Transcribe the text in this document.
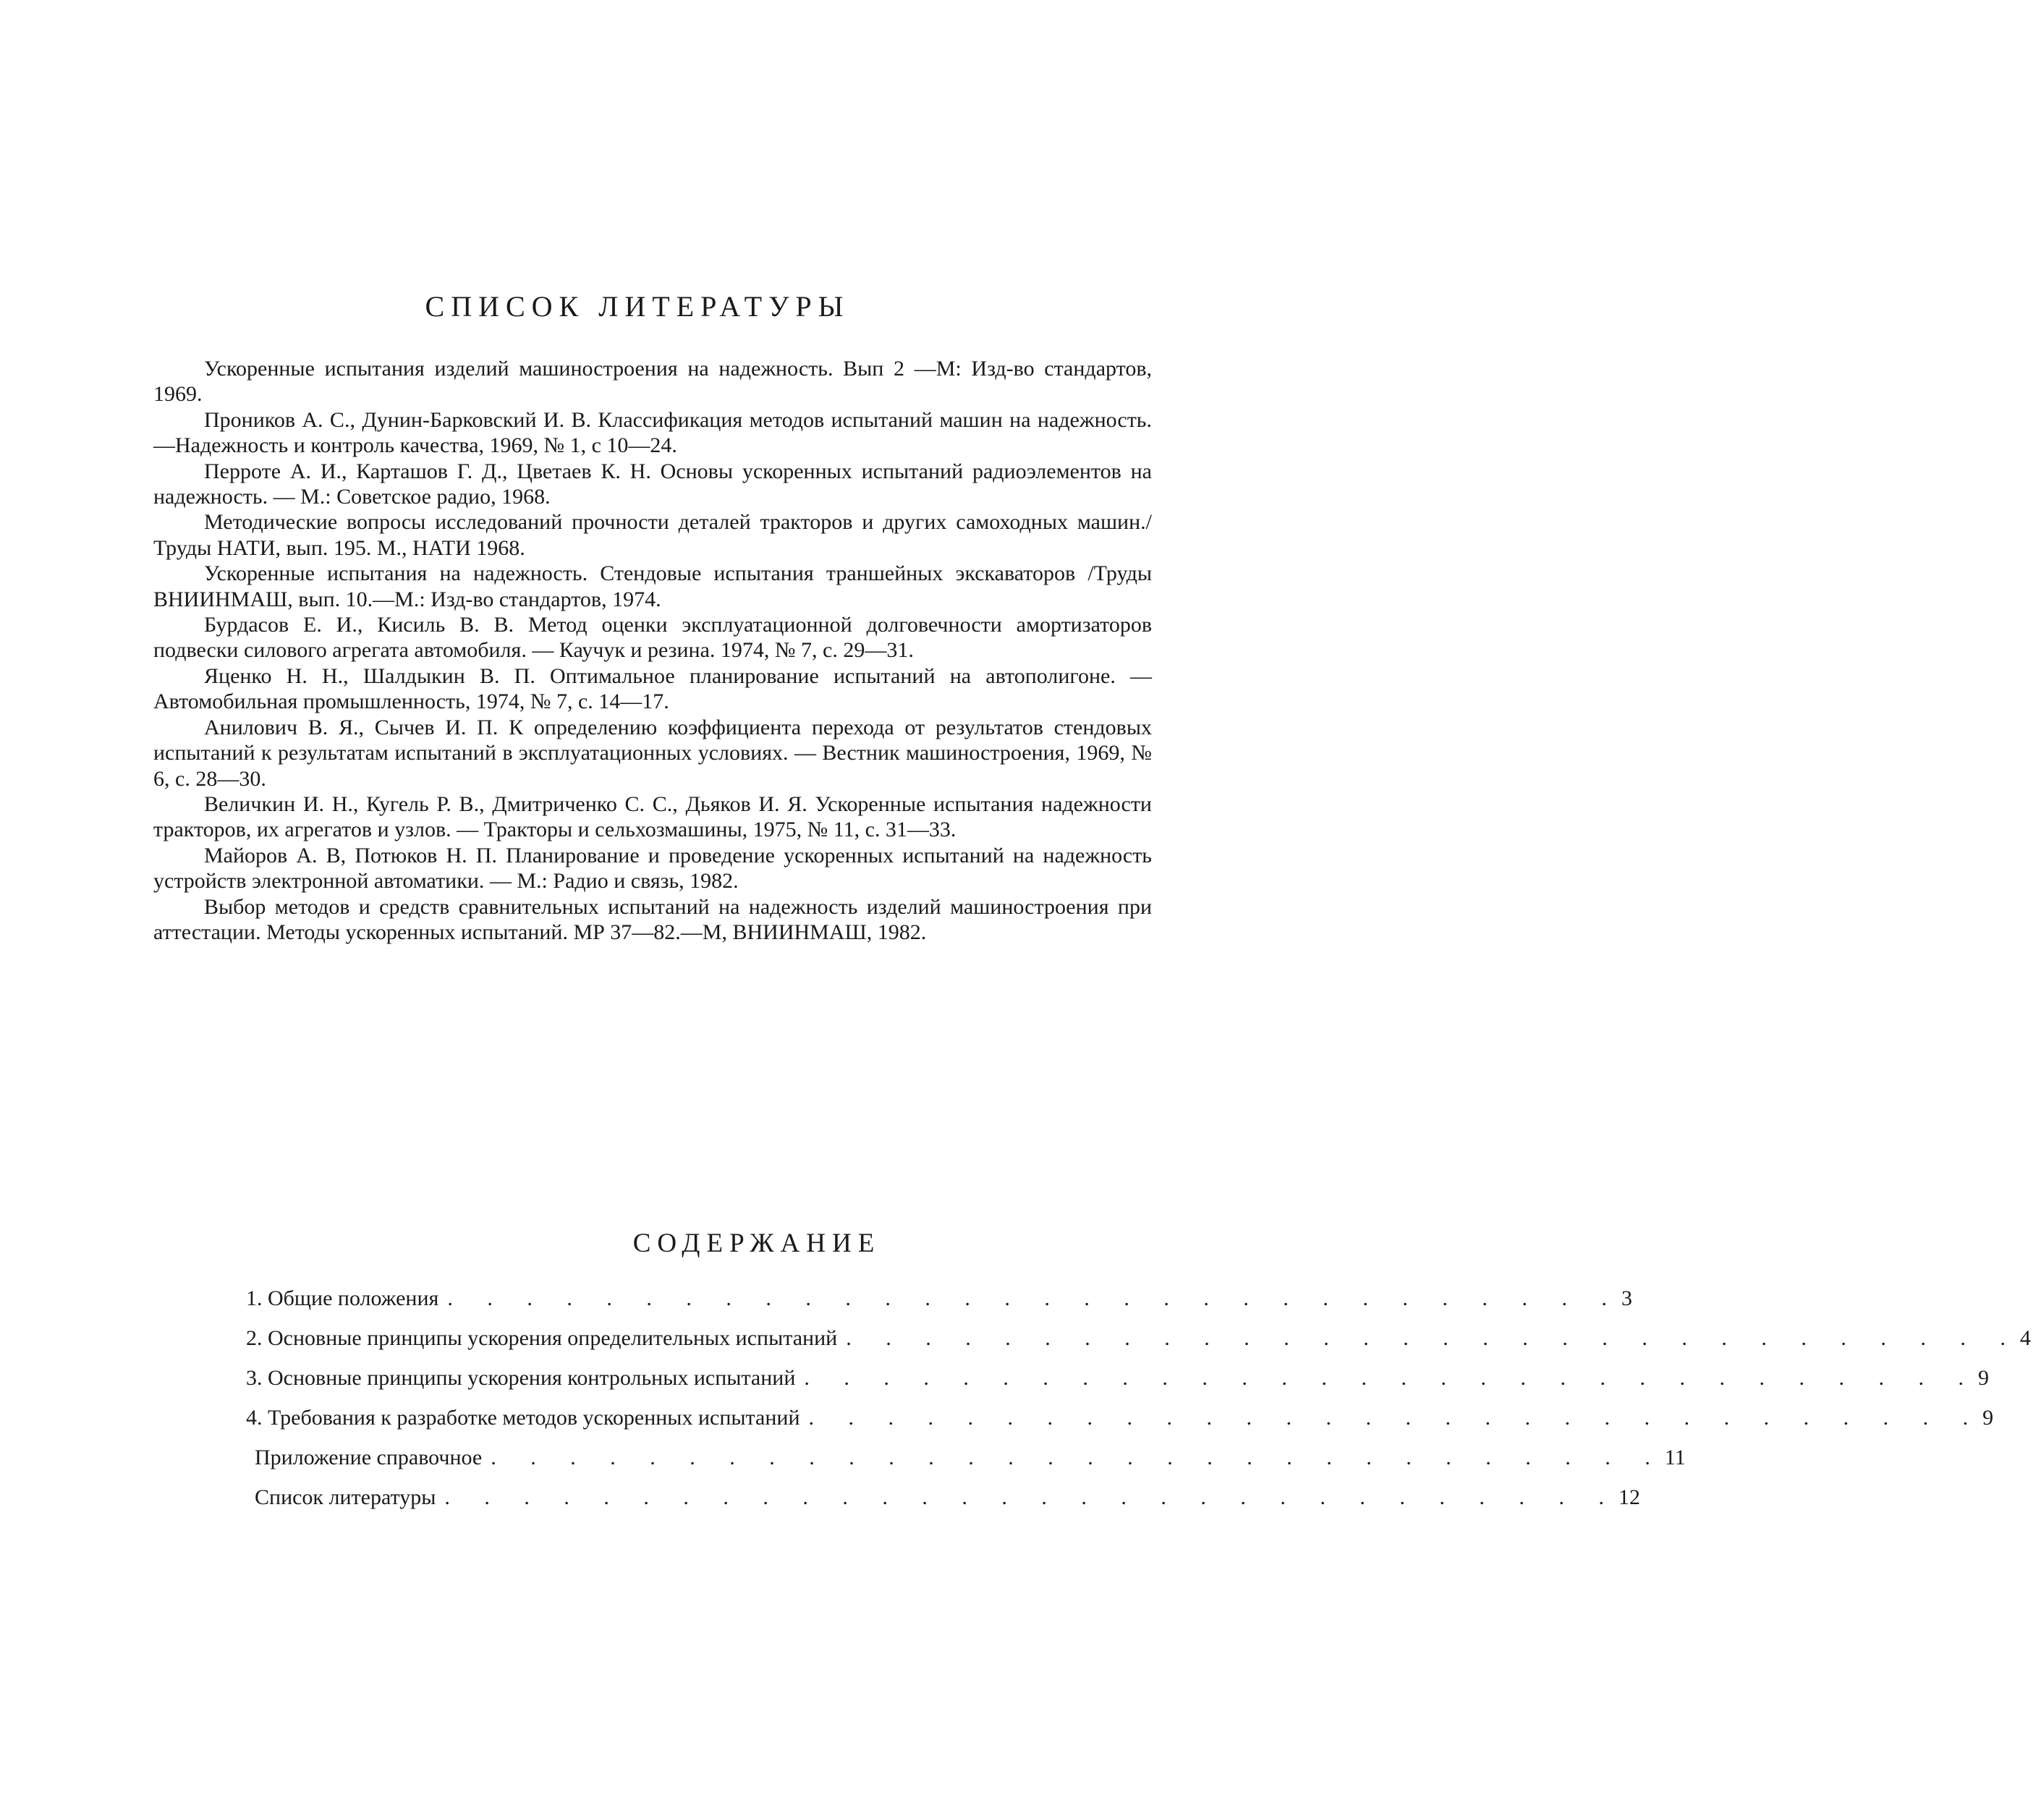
СПИСОК ЛИТЕРАТУРЫ
Ускоренные испытания изделий машиностроения на надежность. Вып 2 —М: Изд-во стандартов, 1969.
Проников А. С., Дунин-Барковский И. В. Классификация методов испытаний машин на надежность.—Надежность и контроль качества, 1969, № 1, с 10—24.
Перроте А. И., Карташов Г. Д., Цветаев К. Н. Основы ускоренных испытаний радиоэлементов на надежность. — М.: Советское радио, 1968.
Методические вопросы исследований прочности деталей тракторов и других самоходных машин./Труды НАТИ, вып. 195. М., НАТИ 1968.
Ускоренные испытания на надежность. Стендовые испытания траншейных экскаваторов /Труды ВНИИНМАШ, вып. 10.—М.: Изд-во стандартов, 1974.
Бурдасов Е. И., Кисиль В. В. Метод оценки эксплуатационной долговечности амортизаторов подвески силового агрегата автомобиля. — Каучук и резина. 1974, № 7, с. 29—31.
Яценко Н. Н., Шалдыкин В. П. Оптимальное планирование испытаний на автополигоне. — Автомобильная промышленность, 1974, № 7, с. 14—17.
Анилович В. Я., Сычев И. П. К определению коэффициента перехода от результатов стендовых испытаний к результатам испытаний в эксплуатационных условиях. — Вестник машиностроения, 1969, № 6, с. 28—30.
Величкин И. Н., Кугель Р. В., Дмитриченко С. С., Дьяков И. Я. Ускоренные испытания надежности тракторов, их агрегатов и узлов. — Тракторы и сельхозмашины, 1975, № 11, с. 31—33.
Майоров А. В, Потюков Н. П. Планирование и проведение ускоренных испытаний на надежность устройств электронной автоматики. — М.: Радио и связь, 1982.
Выбор методов и средств сравнительных испытаний на надежность изделий машиностроения при аттестации. Методы ускоренных испытаний. МР 37—82.—М, ВНИИНМАШ, 1982.
СОДЕРЖАНИЕ
1. Общие положения . . . . . . . . . . . . . . . . . . . . . . . . . . . . . . 3
2. Основные принципы ускорения определительных испытаний . . . . . . . . . . . . . . . . . . . . . . . . . . . . . . 4
3. Основные принципы ускорения контрольных испытаний . . . . . . . . . . . . . . . . . . . . . . . . . . . . . . 9
4. Требования к разработке методов ускоренных испытаний . . . . . . . . . . . . . . . . . . . . . . . . . . . . . . 9
Приложение справочное . . . . . . . . . . . . . . . . . . . . . . . . . . . . . . 11
Список литературы . . . . . . . . . . . . . . . . . . . . . . . . . . . . . . 12
